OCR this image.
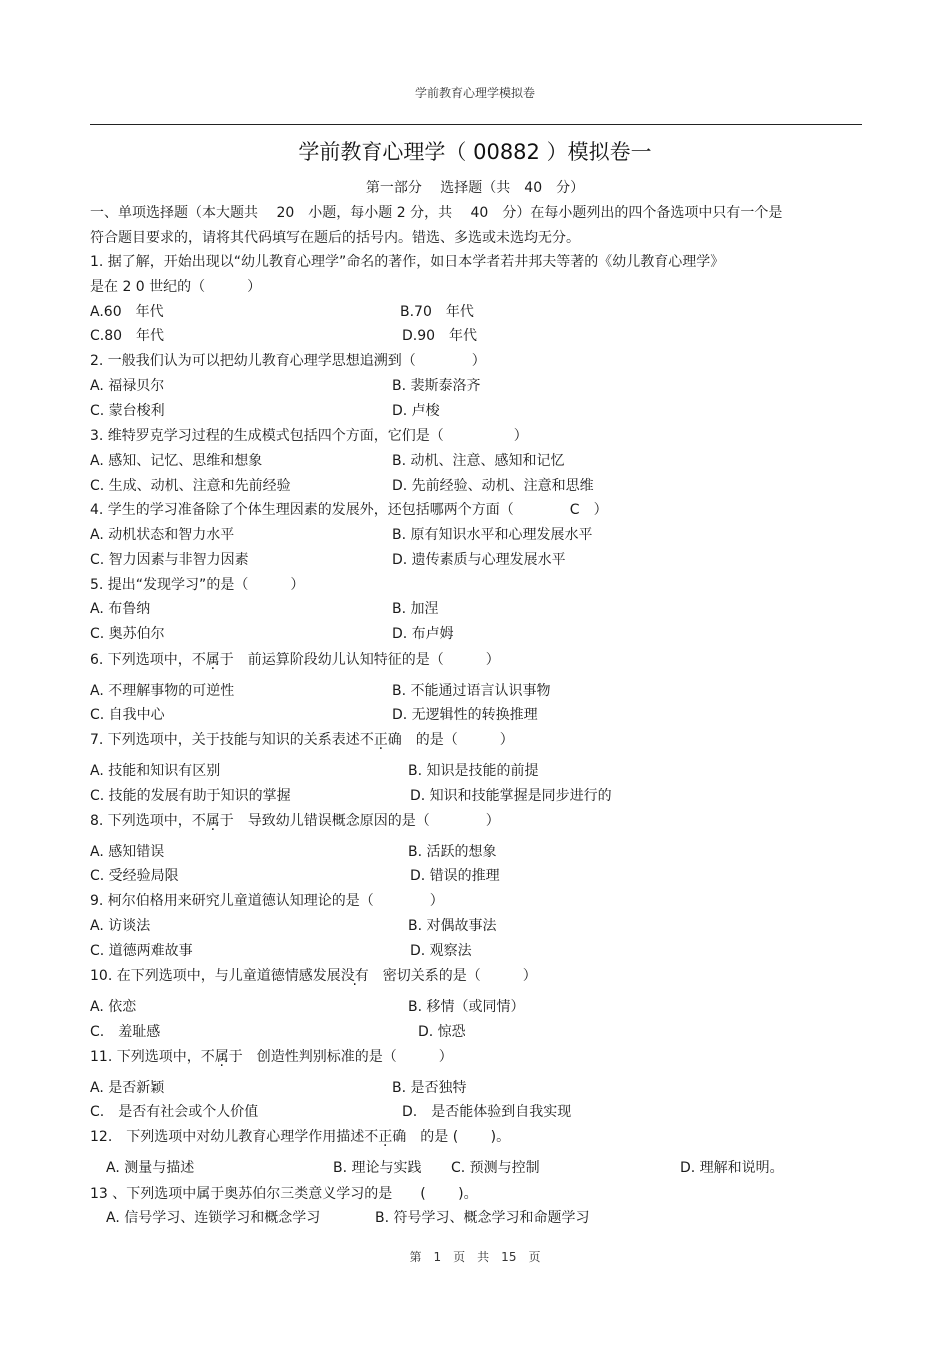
学前教育心理学模拟卷
学前教育心理学（ 00882 ）模拟卷一
第一部分　 选择题（共　40　分）
一、单项选择题（本大题共　 20　小题，每小题 2 分，共　 40　分）在每小题列出的四个备选项中只有一个是
符合题目要求的，请将其代码填写在题后的括号内。错选、多选或未选均无分。
1. 据了解，开始出现以“幼儿教育心理学”命名的著作，如日本学者若井邦夫等著的《幼儿教育心理学》
是在 2 0 世纪的（　　　）
A.60　年代	B.70　年代
C.80　年代	D.90　年代
2. 一般我们认为可以把幼儿教育心理学思想追溯到（　　　　）
A. 福禄贝尔	B. 裴斯泰洛齐
C. 蒙台梭利	D. 卢梭
3. 维特罗克学习过程的生成模式包括四个方面，它们是（　　　　　）
A. 感知、记忆、思维和想象	B. 动机、注意、感知和记忆
C. 生成、动机、注意和先前经验	D. 先前经验、动机、注意和思维
4. 学生的学习准备除了个体生理因素的发展外，还包括哪两个方面（　　　　C　）
A. 动机状态和智力水平	B. 原有知识水平和心理发展水平
C. 智力因素与非智力因素	D. 遗传素质与心理发展水平
5. 提出“发现学习”的是（　　　）
A. 布鲁纳	B. 加涅
C. 奥苏伯尔	D. 布卢姆
6. 下列选项中，不属于　前运算阶段幼儿认知特征的是（　　　）
A. 不理解事物的可逆性	B. 不能通过语言认识事物
C. 自我中心	D. 无逻辑性的转换推理
7. 下列选项中，关于技能与知识的关系表述不正确　的是（　　　）
A. 技能和知识有区别	B. 知识是技能的前提
C. 技能的发展有助于知识的掌握	D. 知识和技能掌握是同步进行的
8. 下列选项中，不属于　导致幼儿错误概念原因的是（　　　　）
A. 感知错误	B. 活跃的想象
C. 受经验局限	D. 错误的推理
9. 柯尔伯格用来研究儿童道德认知理论的是（　　　　）
A. 访谈法	B. 对偶故事法
C. 道德两难故事	D. 观察法
10. 在下列选项中，与儿童道德情感发展没有　密切关系的是（　　　）
A. 依恋	B. 移情（或同情）
C.　羞耻感	D. 惊恐
11. 下列选项中，不属于　创造性判别标准的是（　　　）
A. 是否新颖	B. 是否独特
C.　是否有社会或个人价值	D.　是否能体验到自我实现
12.　下列选项中对幼儿教育心理学作用描述不正确　的是 (　　 )。
A. 测量与描述	B. 理论与实践 C. 预测与控制	D. 理解和说明。
13 、下列选项中属于奥苏伯尔三类意义学习的是　　(　　 )。
A. 信号学习、连锁学习和概念学习	B. 符号学习、概念学习和命题学习
第　1　页　共　15　页
